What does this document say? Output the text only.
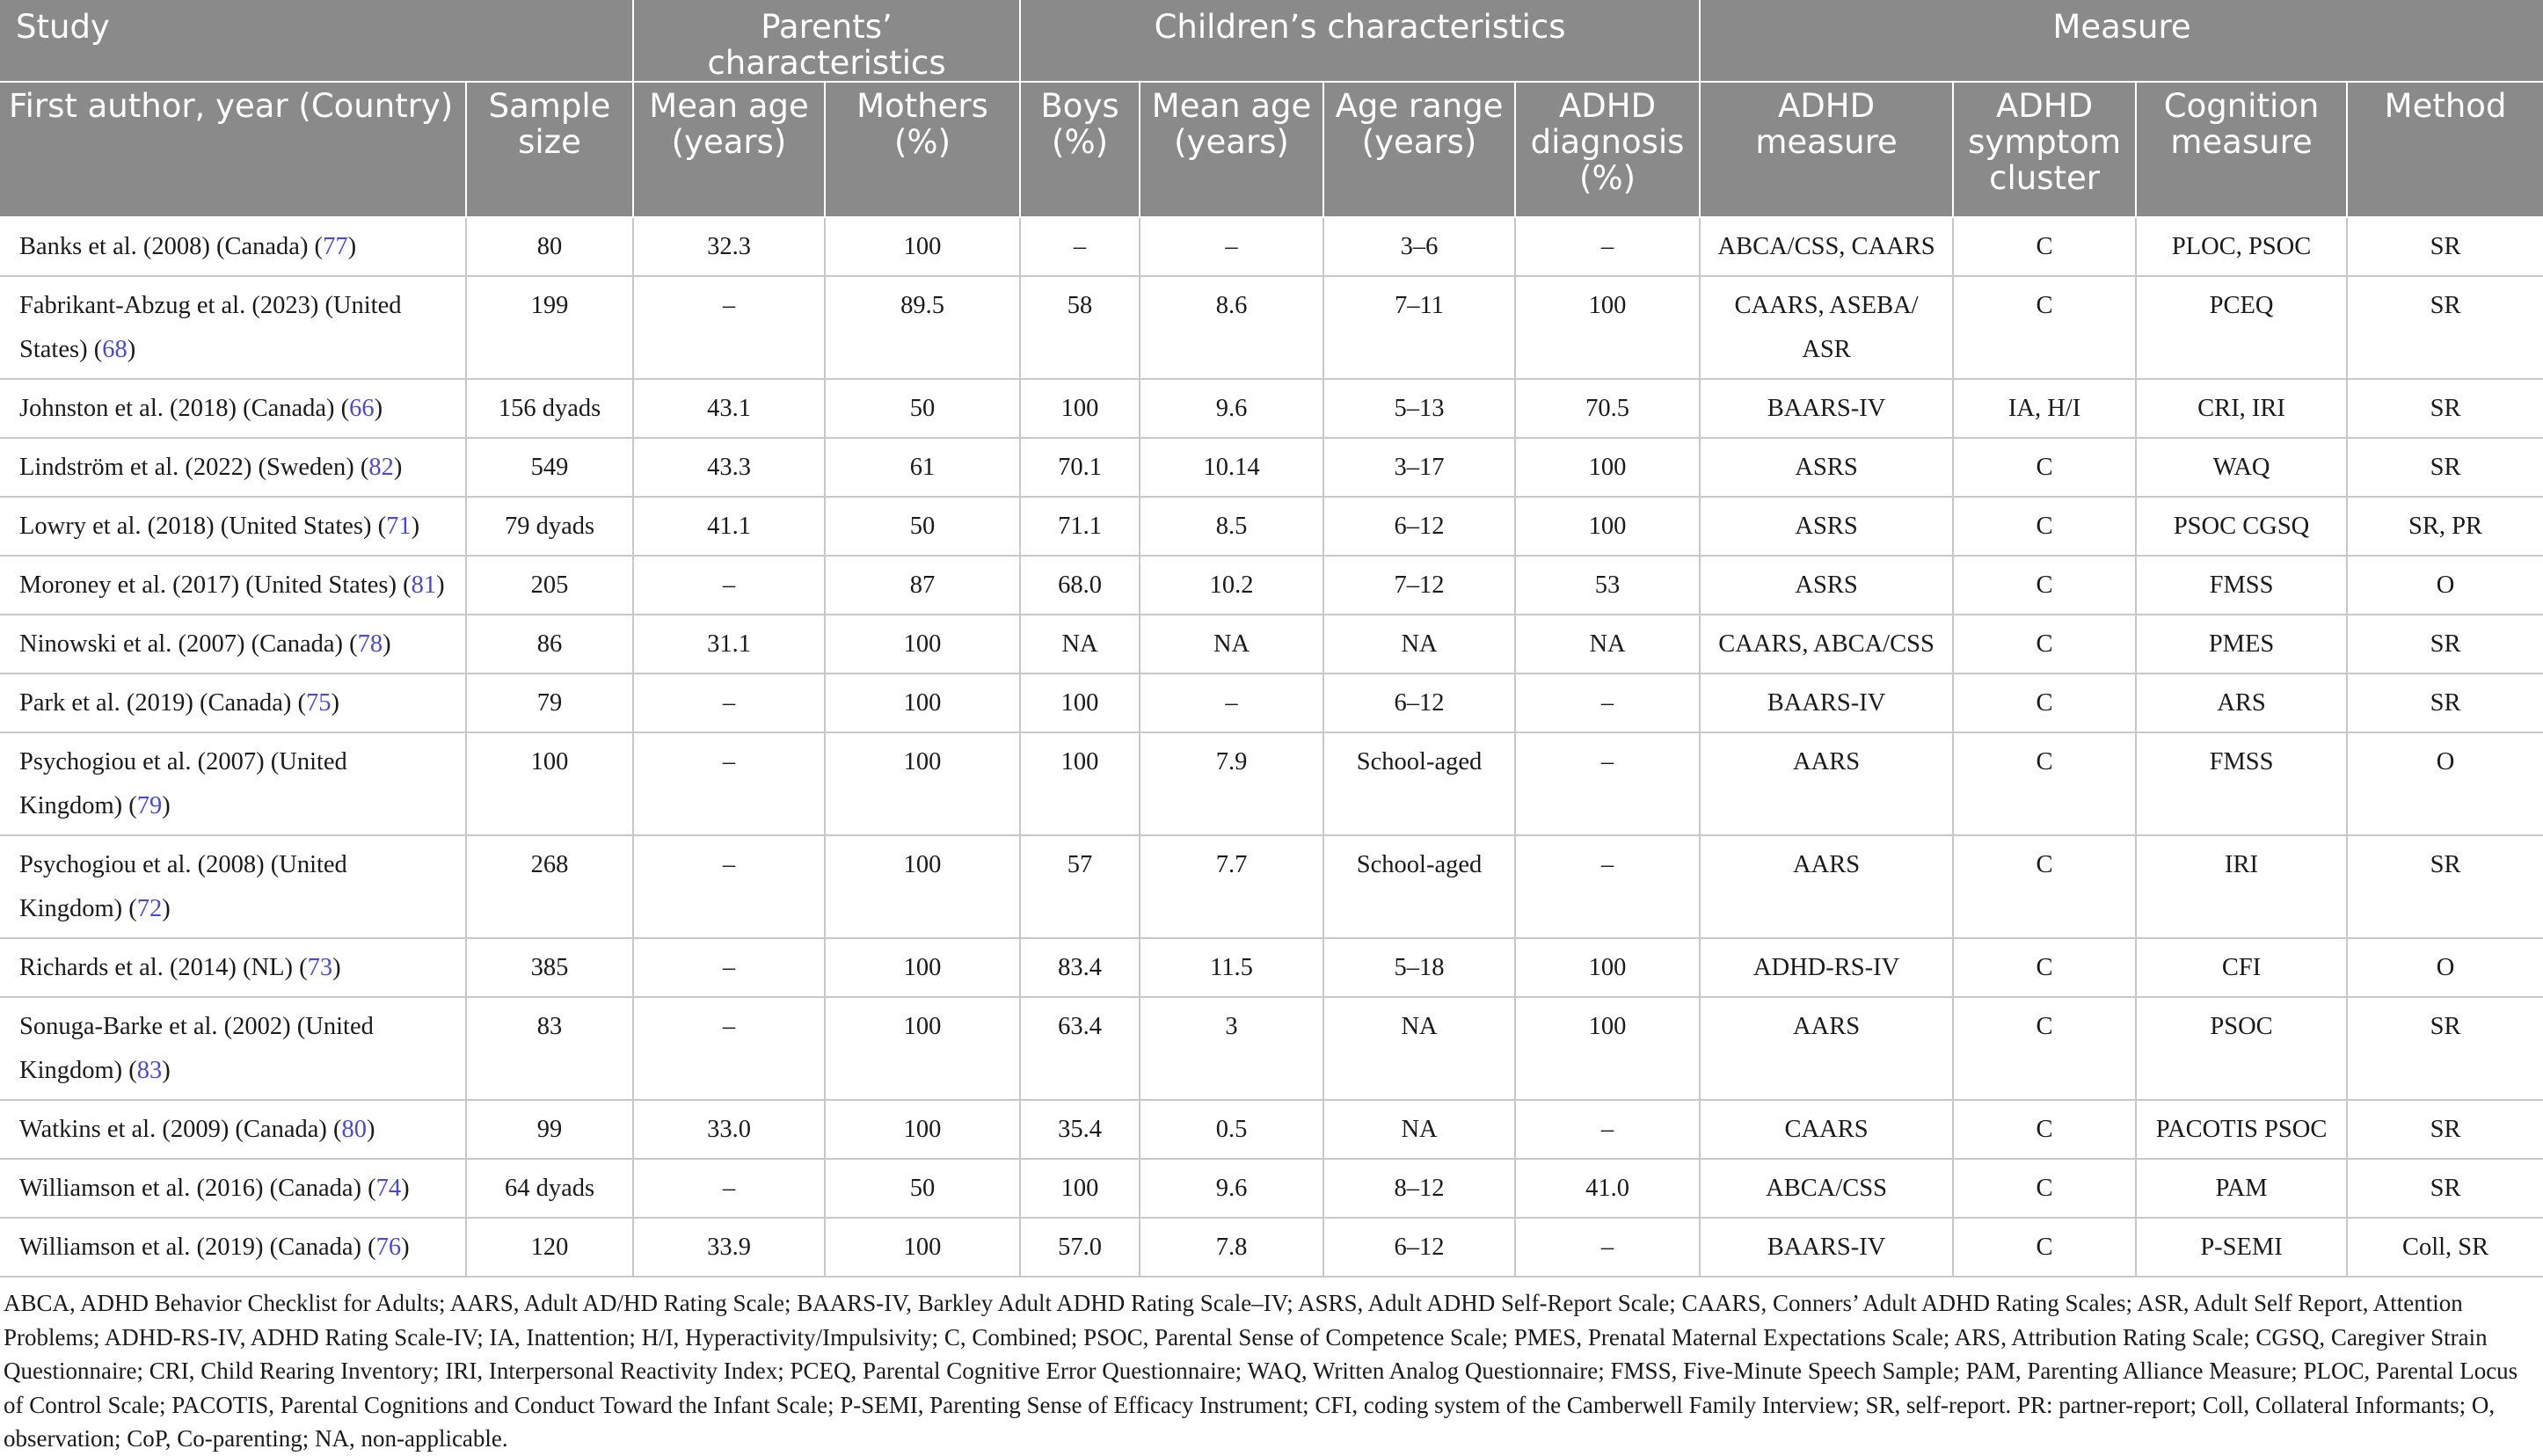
Study		Parents’ characteristics		Children’s characteristics				Measure			
First author, year (Country)	Sample size	Mean age (years)	Mothers (%)	Boys (%)	Mean age (years)	Age range (years)	ADHD diagnosis (%)	ADHD measure	ADHD symptom cluster	Cognition measure	Method
Banks et al. (2008) (Canada) (77)	80	32.3	100	–	–	3–6	–	ABCA/CSS, CAARS	C	PLOC, PSOC	SR
Fabrikant-Abzug et al. (2023) (United States) (68)	199	–	89.5	58	8.6	7–11	100	CAARS, ASEBA/ ASR	C	PCEQ	SR
Johnston et al. (2018) (Canada) (66)	156 dyads	43.1	50	100	9.6	5–13	70.5	BAARS-IV	IA, H/I	CRI, IRI	SR
Lindström et al. (2022) (Sweden) (82)	549	43.3	61	70.1	10.14	3–17	100	ASRS	C	WAQ	SR
Lowry et al. (2018) (United States) (71)	79 dyads	41.1	50	71.1	8.5	6–12	100	ASRS	C	PSOC CGSQ	SR, PR
Moroney et al. (2017) (United States) (81)	205	–	87	68.0	10.2	7–12	53	ASRS	C	FMSS	O
Ninowski et al. (2007) (Canada) (78)	86	31.1	100	NA	NA	NA	NA	CAARS, ABCA/CSS	C	PMES	SR
Park et al. (2019) (Canada) (75)	79	–	100	100	–	6–12	–	BAARS-IV	C	ARS	SR
Psychogiou et al. (2007) (United Kingdom) (79)	100	–	100	100	7.9	School-aged	–	AARS	C	FMSS	O
Psychogiou et al. (2008) (United Kingdom) (72)	268	–	100	57	7.7	School-aged	–	AARS	C	IRI	SR
Richards et al. (2014) (NL) (73)	385	–	100	83.4	11.5	5–18	100	ADHD-RS-IV	C	CFI	O
Sonuga-Barke et al. (2002) (United Kingdom) (83)	83	–	100	63.4	3	NA	100	AARS	C	PSOC	SR
Watkins et al. (2009) (Canada) (80)	99	33.0	100	35.4	0.5	NA	–	CAARS	C	PACOTIS PSOC	SR
Williamson et al. (2016) (Canada) (74)	64 dyads	–	50	100	9.6	8–12	41.0	ABCA/CSS	C	PAM	SR
Williamson et al. (2019) (Canada) (76)	120	33.9	100	57.0	7.8	6–12	–	BAARS-IV	C	P-SEMI	Coll, SR
ABCA, ADHD Behavior Checklist for Adults; AARS, Adult AD/HD Rating Scale; BAARS-IV, Barkley Adult ADHD Rating Scale–IV; ASRS, Adult ADHD Self-Report Scale; CAARS, Conners’ Adult ADHD Rating Scales; ASR, Adult Self Report, Attention Problems; ADHD-RS-IV, ADHD Rating Scale-IV; IA, Inattention; H/I, Hyperactivity/Impulsivity; C, Combined; PSOC, Parental Sense of Competence Scale; PMES, Prenatal Maternal Expectations Scale; ARS, Attribution Rating Scale; CGSQ, Caregiver Strain Questionnaire; CRI, Child Rearing Inventory; IRI, Interpersonal Reactivity Index; PCEQ, Parental Cognitive Error Questionnaire; WAQ, Written Analog Questionnaire; FMSS, Five-Minute Speech Sample; PAM, Parenting Alliance Measure; PLOC, Parental Locus of Control Scale; PACOTIS, Parental Cognitions and Conduct Toward the Infant Scale; P-SEMI, Parenting Sense of Efficacy Instrument; CFI, coding system of the Camberwell Family Interview; SR, self-report. PR: partner-report; Coll, Collateral Informants; O, observation; CoP, Co-parenting; NA, non-applicable.
